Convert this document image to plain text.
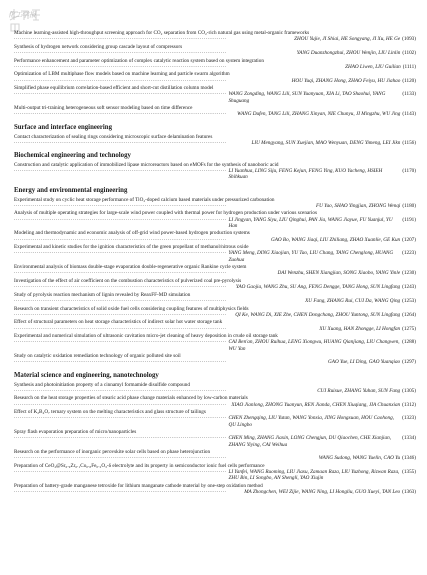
化工学报
Machine learning-assisted high-throughput screening approach for CO₂ separation from CO₂-rich natural gas using metal-organic frameworks
················································································································	ZHOU Yujie, JI Shiai, HE Songyang, JI Xu, HE Ge (1093)
Synthesis of hydrogen network considering group cascade layout of compressors
················································································································	YANG Duanzhongzhui, ZHOU Wenjin, LIU Linlin (1102)
Performance enhancement and parameter optimization of complex catalytic reaction system based on system integration
················································································································	ZHAO Liwen, LIU Guilian (1111)
Optimization of LBM multiphase flow models based on machine learning and particle swarm algorithm
················································································································	HOU Yuqi, ZHANG Hong, ZHAO Feiyu, HU Jiahao (1120)
Simplified phase equilibrium correlation-based efficient and short-cut distillation column model
················································································································ WANG Zongding, WANG Lili, SUN Yuanyuan, XIA Li, TAO Shaohui, YANG Shuguang
(1133)
Multi-output tri-training heterogeneous soft sensor modeling based on time difference
················································································································	WANG Dufen, TANG Lili, ZHANG Xinyan, NIE Chunyu, JI Mingzhu, WU Jing (1143)
Surface and interface engineering
Contact characterization of sealing rings considering microscopic surface delamination features
················································································································	LIU Mengyang, SUN Xuejian, MAO Wenyuan, DENG Yimeng, LEI Jikn (1156)
Biochemical engineering and technology
Construction and catalytic application of immobilized lipase microreactors based on eMOFs for the synthesis of nanoboric acid
················································································································ LI Yuanhua, LING Siju, FENG Kejun, FENG Ying, KUO Yacheng, HSIEH Shihkuan
(1170)
Energy and environmental engineering
Experimental study on cyclic heat storage performance of TiO₂-doped calcium based materials under pressurized carbonation
················································································································	FU Yao, SHAO Yingjian, ZHONG Wenqi (1180)
Analysis of multiple operating strategies for large-scale wind power coupled with thermal power for hydrogen production under various scenarios
················································································································ LI Jingyan, YANG Siyu, LIU Qinghui, PAN Jia, WANG Jiayue, FU Yuanjul, YU Han
(1191)
Modeling and thermodynamic and economic analysis of off-grid wind power-based hydrogen production systems
················································································································	GAO Bo, WANG Jiaqi, LIU Zhiliang, ZHAO Xuanlie, GE Kun (1207)
Experimental and kinetic studies for the ignition characteristics of the green propellant of methanol/nitrous oxide
················································································································ YANG Meng, DING Xiaojian, YU Tao, LIU Chang, TANG Chenglong, HUANG Zuohua
(1223)
Environmental analysis of biomass double-stage evaporation double-regenerative organic Rankine cycle system
················································································································	DAI Wenzhu, SHEN Xiangjian, SONG Xiaobo, YANG Yinle (1230)
Investigation of the effect of air coefficient on the combustion characteristics of pulverized coal pre-pyrolysis
················································································································	YAO Gaojia, WANG Zhu, SU Ang, FENG Dengge, TANG Hong, SUN Lingfang (1243)
Study of pyrolysis reaction mechanism of lignin revealed by ReaxFF-MD simulation
················································································································	XU Fang, ZHANG Rui, CUI Da, WANG Qing (1253)
Research on transient characteristics of solid oxide fuel cells considering coupling features of multiphysics fields
················································································································	QI Ke, WANG Di, XIE Zhe, CHEN Dongchang, ZHOU Yuntong, SUN Lingfang (1264)
Effect of structural parameters on heat storage characteristics of indirect solar hot water storage tank
················································································································	XU Xuang, HAN Zhongge, LI Hongfan (1275)
Experimental and numerical simulation of ultrasonic cavitation micro-jet cleaning of heavy deposition in crude oil storage tank
················································································································ CAI Ben'an, ZHOU Ruihua, LENG Xiongwu, HUANG Qianjiang, LIU Changwen, WU Yan
(1288)
Study on catalytic oxidation remediation technology of organic polluted site soil
················································································································	GAO Yue, LI Ding, GAO Yuanqiao (1297)
Material science and engineering, nanotechnology
Synthesis and photoinitiation property of a cinnamyl formamide disulfide compound
················································································································	CUI Ruixue, ZHANG Yuhan, SUN Fang (1305)
Research on the heat storage properties of stearic acid phase change materials enhanced by low-carbon materials
················································································································ XIAO Jianlong, ZHONG Yuanyun, REN Jianda, CHEN Xiuqiang, JIA Chuanxian (1312)
Effect of K₂B₄O₇ ternary system on the melting characteristics and glass structure of tailings
················································································································ CHEN Zhengqing, LIU Yutan, WANG Yonxia, JING Hongxuan, HOU Caohong, QU Lingbo
(1323)
Spray flash evaporation preparation of micro/nanoparticles
················································································································ CHEN Ming, ZHANG Jiaxin, LONG Chengjun, DU Qiaochen, CHE Xianjian, ZHANG Yiying, CAI Weihua
(1334)
Research on the performance of inorganic perovskite solar cells based on phase heterojunction
················································································································	WANG Sudong, WANG Yuelin, CAO Yu (1346)
Preparation of CeO₂@Sr₀.₉Zr₀.₁Co₀.₈Fe₀.₂O₃-δ electrolyte and its property in semiconductor ionic fuel cells performance
················································································································ LI Yanfei, WANG Ruoming, LIU Jiaxu, Zamaan Raza, LIU Yuzhong, Rizwan Raza, ZHU Bin, LI Songbo, AN Shengli, YAO Xiujin
(1355)
Preparation of battery-grade manganese tetroxide for lithium manganate cathode material by one-step oxidation method
················································································································	MA Zhongchen, WEI Zijie, WANG Ning, LI Hongliu, GUO Xueyi, TAN Leo (1363)
